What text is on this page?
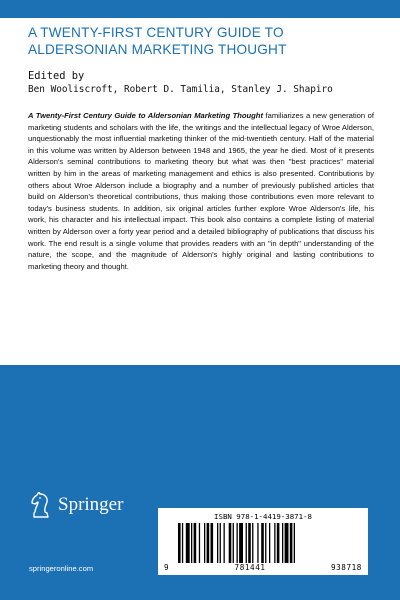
A TWENTY-FIRST CENTURY GUIDE TO
ALDERSONIAN MARKETING THOUGHT
Edited by
Ben Wooliscroft, Robert D. Tamilia, Stanley J. Shapiro

A Twenty-First Century Guide to Aldersonian Marketing Thought familiarizes a new generation of marketing students and scholars with the life, the writings and the intellectual legacy of Wroe Alderson, unquestionably the most influential marketing thinker of the mid-twentieth century. Half of the material in this volume was written by Alderson between 1948 and 1965, the year he died. Most of it presents Alderson's seminal contributions to marketing theory but what was then "best practices" material written by him in the areas of marketing management and ethics is also presented. Contributions by others about Wroe Alderson include a biography and a number of previously published articles that build on Alderson's theoretical contributions, thus making those contributions even more relevant to today's business students. In addition, six original articles further explore Wroe Alderson's life, his work, his character and his intellectual impact. This book also contains a complete listing of material written by Alderson over a forty year period and a detailed bibliography of publications that discuss his work. The end result is a single volume that provides readers with an "in depth" understanding of the nature, the scope, and the magnitude of Alderson's highly original and lasting contributions to marketing theory and thought.

Springer
springeronline.com
ISBN 978-1-4419-3871-8
9	781441	938718
